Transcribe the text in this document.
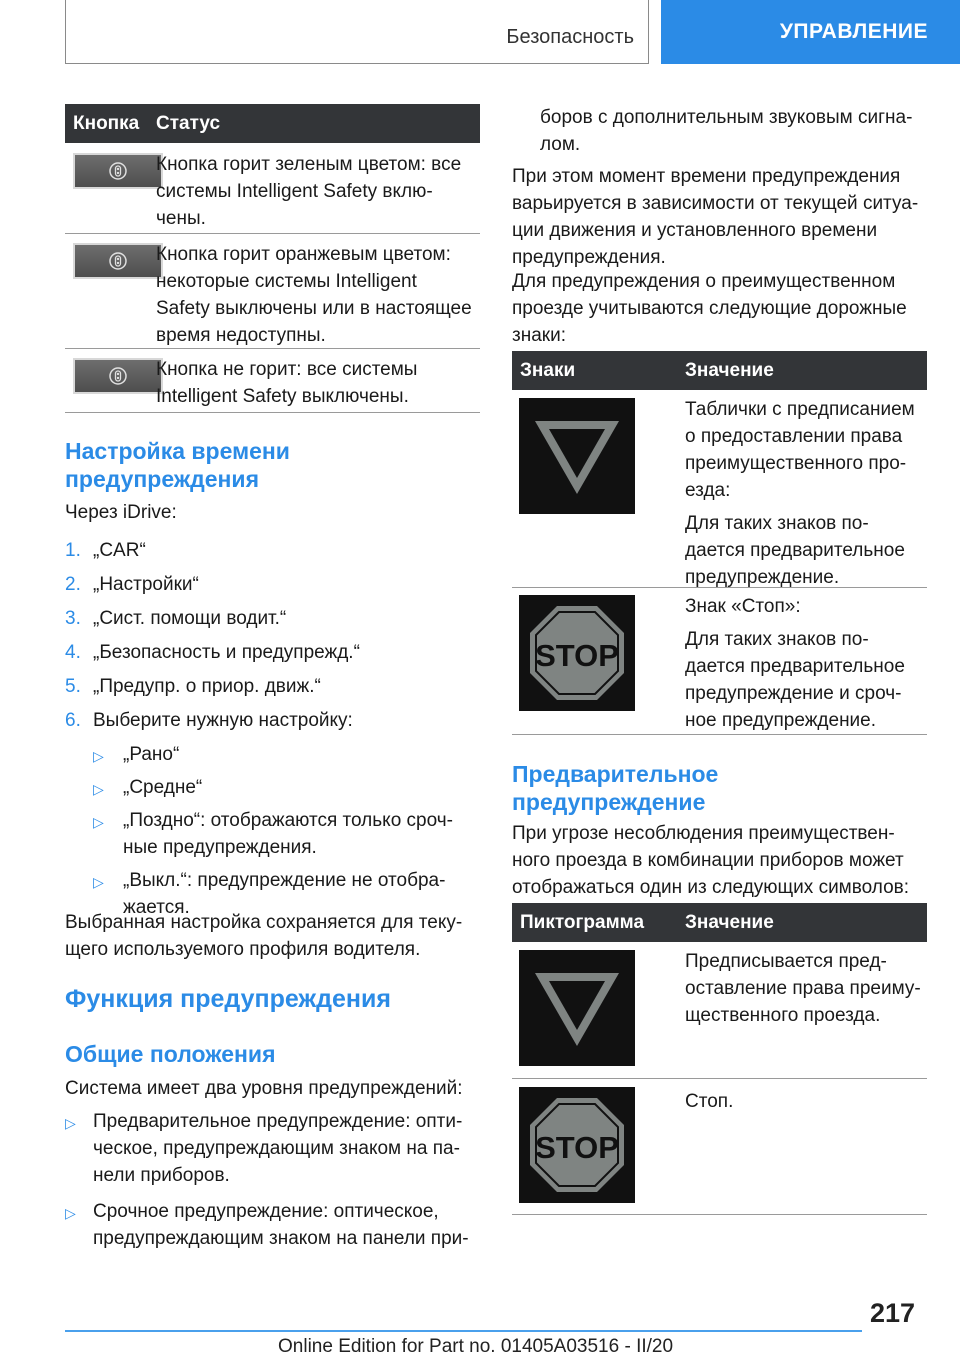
Безопасность	УПРАВЛЕНИЕ
Кнопка Статус
Кнопка горит зеленым цветом: все
системы Intelligent Safety вклю-
чены.
Кнопка горит оранжевым цветом:
некоторые системы Intelligent
Safety выключены или в настоящее
время недоступны.
Кнопка не горит: все системы
Intelligent Safety выключены.
Настройка времени
предупреждения
Через iDrive:
1. „CAR“
2. „Настройки“
3. „Сист. помощи водит.“
4. „Безопасность и предупрежд.“
5. „Предупр. о приор. движ.“
6. Выберите нужную настройку:
▷ „Рано“
▷ „Средне“
▷ „Поздно“: отображаются только сроч-
ные предупреждения.
▷ „Выкл.“: предупреждение не отобра-
жается.
Выбранная настройка сохраняется для теку-
щего используемого профиля водителя.
Функция предупреждения
Общие положения
Система имеет два уровня предупреждений:
▷ Предварительное предупреждение: опти-
ческое, предупреждающим знаком на па-
нели приборов.
▷ Срочное предупреждение: оптическое,
предупреждающим знаком на панели при-
боров с дополнительным звуковым сигна-
лом.
При этом момент времени предупреждения
варьируется в зависимости от текущей ситуа-
ции движения и установленного времени
предупреждения.
Для предупреждения о преимущественном
проезде учитываются следующие дорожные
знаки:
Знаки	Значение

Таблички с предписанием
о предоставлении права
преимущественного про-
езда:

Для таких знаков по-
дается предварительное
предупреждение.

STOP

Знак «Стоп»:

Для таких знаков по-
дается предварительное
предупреждение и сроч-
ное предупреждение.

Предварительное
предупреждение
При угрозе несоблюдения преимуществен-
ного проезда в комбинации приборов может
отображаться один из следующих символов:
Пиктограмма Значение
Предписывается пред-
оставление права преиму-
щественного проезда.
STOP
Стоп.
217
Online Edition for Part no. 01405A03516 - II/20
